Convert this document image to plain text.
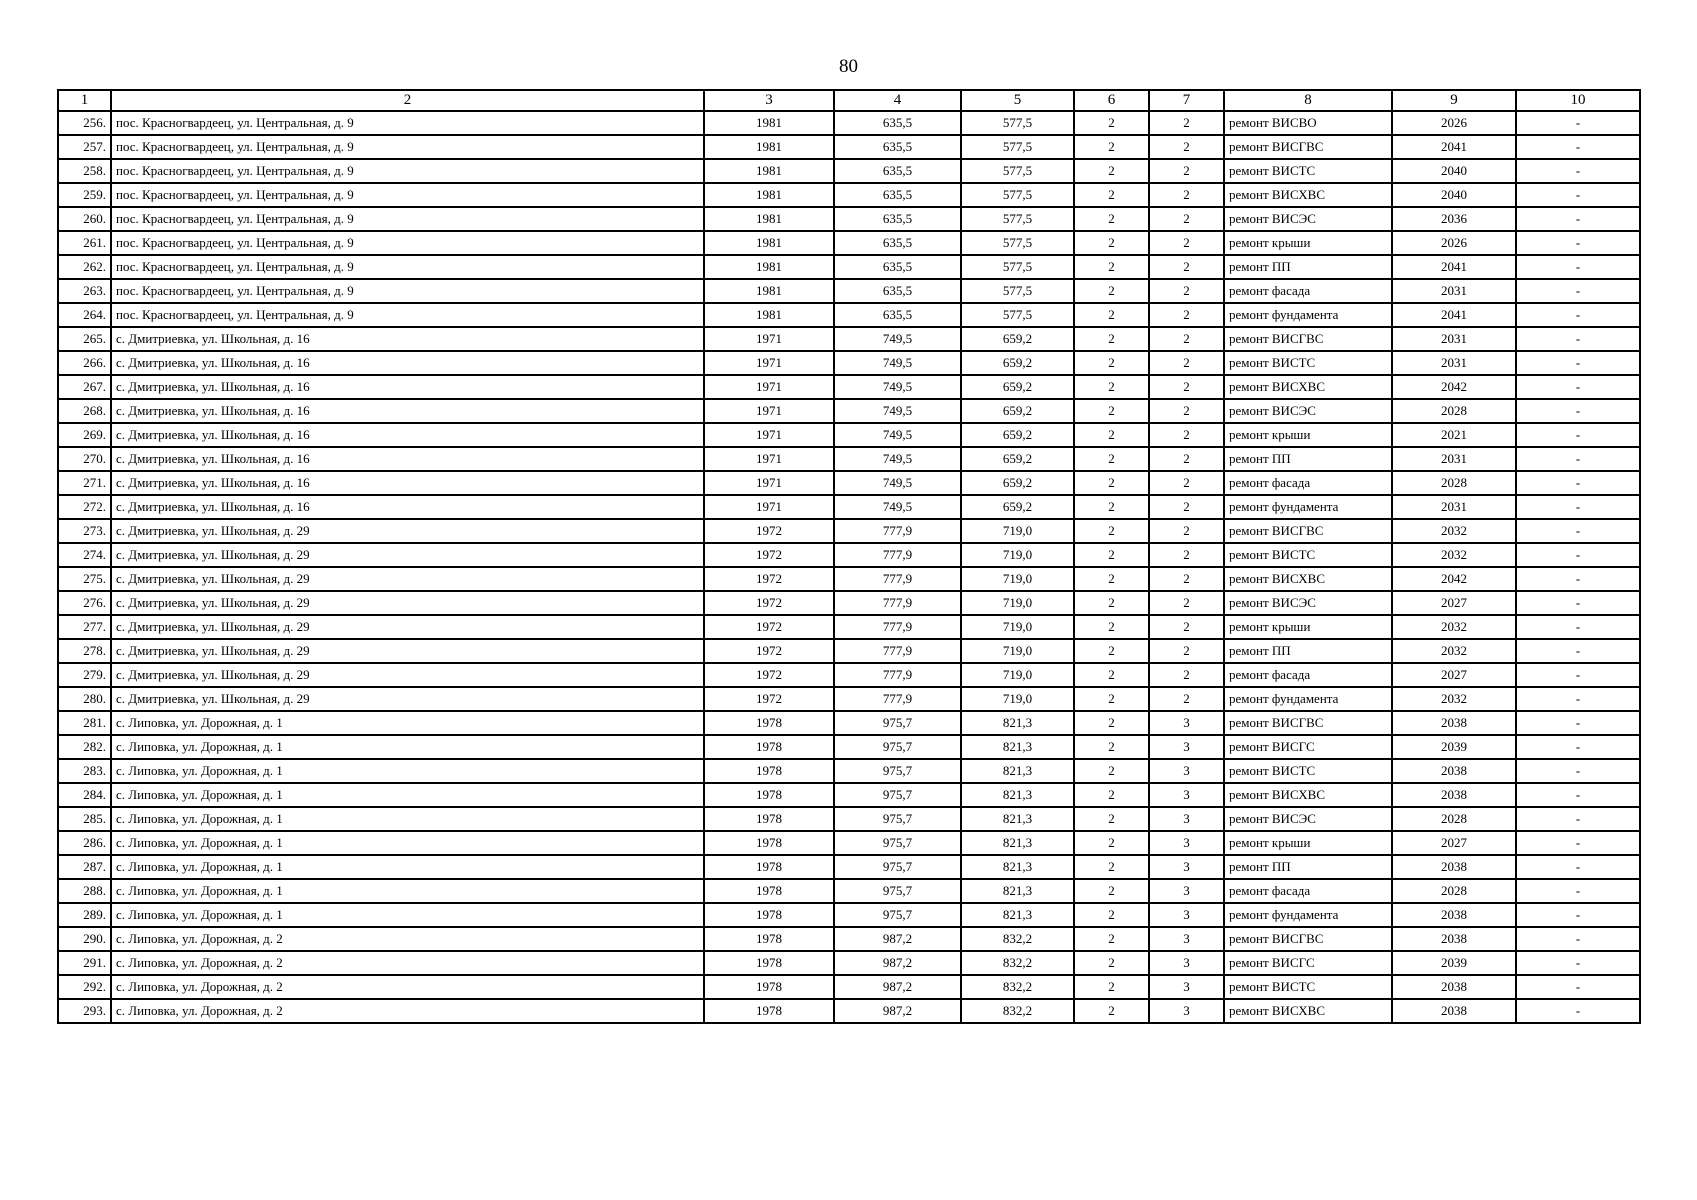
80
1	2	3	4	5	6	7	8	9	10
256.	пос. Красногвардеец, ул. Центральная, д. 9	1981	635,5	577,5	2	2	ремонт ВИСВО	2026	-
257.	пос. Красногвардеец, ул. Центральная, д. 9	1981	635,5	577,5	2	2	ремонт ВИСГВС	2041	-
258.	пос. Красногвардеец, ул. Центральная, д. 9	1981	635,5	577,5	2	2	ремонт ВИСТС	2040	-
259.	пос. Красногвардеец, ул. Центральная, д. 9	1981	635,5	577,5	2	2	ремонт ВИСХВС	2040	-
260.	пос. Красногвардеец, ул. Центральная, д. 9	1981	635,5	577,5	2	2	ремонт ВИСЭС	2036	-
261.	пос. Красногвардеец, ул. Центральная, д. 9	1981	635,5	577,5	2	2	ремонт крыши	2026	-
262.	пос. Красногвардеец, ул. Центральная, д. 9	1981	635,5	577,5	2	2	ремонт ПП	2041	-
263.	пос. Красногвардеец, ул. Центральная, д. 9	1981	635,5	577,5	2	2	ремонт фасада	2031	-
264.	пос. Красногвардеец, ул. Центральная, д. 9	1981	635,5	577,5	2	2	ремонт фундамента	2041	-
265.	с. Дмитриевка, ул. Школьная, д. 16	1971	749,5	659,2	2	2	ремонт ВИСГВС	2031	-
266.	с. Дмитриевка, ул. Школьная, д. 16	1971	749,5	659,2	2	2	ремонт ВИСТС	2031	-
267.	с. Дмитриевка, ул. Школьная, д. 16	1971	749,5	659,2	2	2	ремонт ВИСХВС	2042	-
268.	с. Дмитриевка, ул. Школьная, д. 16	1971	749,5	659,2	2	2	ремонт ВИСЭС	2028	-
269.	с. Дмитриевка, ул. Школьная, д. 16	1971	749,5	659,2	2	2	ремонт крыши	2021	-
270.	с. Дмитриевка, ул. Школьная, д. 16	1971	749,5	659,2	2	2	ремонт ПП	2031	-
271.	с. Дмитриевка, ул. Школьная, д. 16	1971	749,5	659,2	2	2	ремонт фасада	2028	-
272.	с. Дмитриевка, ул. Школьная, д. 16	1971	749,5	659,2	2	2	ремонт фундамента	2031	-
273.	с. Дмитриевка, ул. Школьная, д. 29	1972	777,9	719,0	2	2	ремонт ВИСГВС	2032	-
274.	с. Дмитриевка, ул. Школьная, д. 29	1972	777,9	719,0	2	2	ремонт ВИСТС	2032	-
275.	с. Дмитриевка, ул. Школьная, д. 29	1972	777,9	719,0	2	2	ремонт ВИСХВС	2042	-
276.	с. Дмитриевка, ул. Школьная, д. 29	1972	777,9	719,0	2	2	ремонт ВИСЭС	2027	-
277.	с. Дмитриевка, ул. Школьная, д. 29	1972	777,9	719,0	2	2	ремонт крыши	2032	-
278.	с. Дмитриевка, ул. Школьная, д. 29	1972	777,9	719,0	2	2	ремонт ПП	2032	-
279.	с. Дмитриевка, ул. Школьная, д. 29	1972	777,9	719,0	2	2	ремонт фасада	2027	-
280.	с. Дмитриевка, ул. Школьная, д. 29	1972	777,9	719,0	2	2	ремонт фундамента	2032	-
281.	с. Липовка, ул. Дорожная, д. 1	1978	975,7	821,3	2	3	ремонт ВИСГВС	2038	-
282.	с. Липовка, ул. Дорожная, д. 1	1978	975,7	821,3	2	3	ремонт ВИСГС	2039	-
283.	с. Липовка, ул. Дорожная, д. 1	1978	975,7	821,3	2	3	ремонт ВИСТС	2038	-
284.	с. Липовка, ул. Дорожная, д. 1	1978	975,7	821,3	2	3	ремонт ВИСХВС	2038	-
285.	с. Липовка, ул. Дорожная, д. 1	1978	975,7	821,3	2	3	ремонт ВИСЭС	2028	-
286.	с. Липовка, ул. Дорожная, д. 1	1978	975,7	821,3	2	3	ремонт крыши	2027	-
287.	с. Липовка, ул. Дорожная, д. 1	1978	975,7	821,3	2	3	ремонт ПП	2038	-
288.	с. Липовка, ул. Дорожная, д. 1	1978	975,7	821,3	2	3	ремонт фасада	2028	-
289.	с. Липовка, ул. Дорожная, д. 1	1978	975,7	821,3	2	3	ремонт фундамента	2038	-
290.	с. Липовка, ул. Дорожная, д. 2	1978	987,2	832,2	2	3	ремонт ВИСГВС	2038	-
291.	с. Липовка, ул. Дорожная, д. 2	1978	987,2	832,2	2	3	ремонт ВИСГС	2039	-
292.	с. Липовка, ул. Дорожная, д. 2	1978	987,2	832,2	2	3	ремонт ВИСТС	2038	-
293.	с. Липовка, ул. Дорожная, д. 2	1978	987,2	832,2	2	3	ремонт ВИСХВС	2038	-
